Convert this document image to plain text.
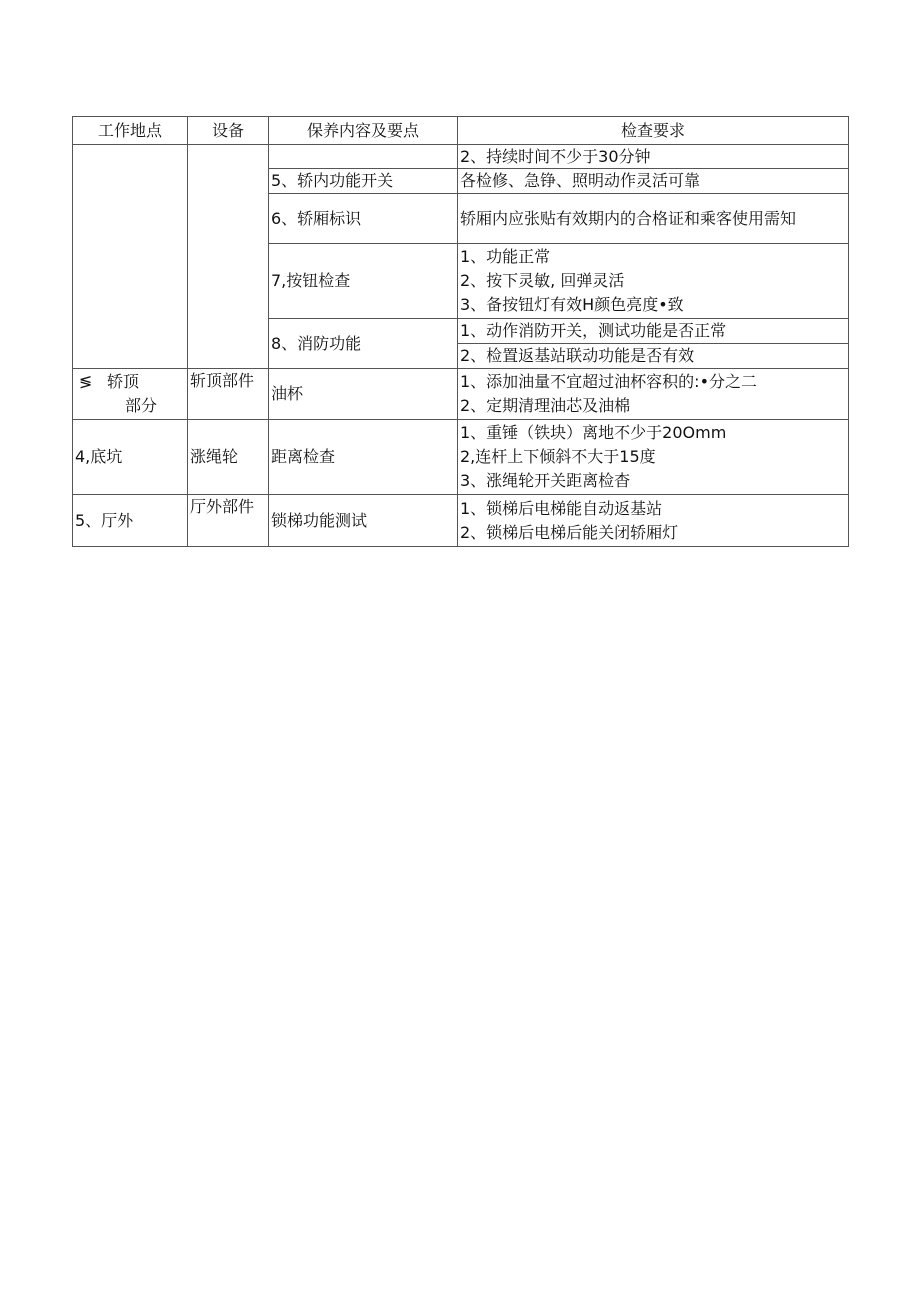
工作地点	设备	保养内容及要点	检查要求

			2、持续时间不少于30分钟

		5、轿内功能开关	各检修、急铮、照明动作灵活可靠

		6、轿厢标识	轿厢内应张贴有效期内的合格证和乘客使用需知

		7,按钮检查	1、功能正常
2、按下灵敏, 回弹灵活
3、备按钮灯有效H颜色亮度•致

		8、消防功能	1、动作消防开关，测试功能是否正常
2、检置返基站联动功能是否有效

≶ 轿顶
部分	斩顶部件	油杯	1、添加油量不宜超过油杯容积的:•分之二
2、定期清理油芯及油棉

4,底坑	涨绳轮	距离检查	1、重锤（铁块）离地不少于20Omm
2,连杆上下倾斜不大于15度
3、涨绳轮开关距离检杳

5、厅外	厅外部件	锁梯功能测试	1、锁梯后电梯能自动返基站
2、锁梯后电梯后能关闭轿厢灯
